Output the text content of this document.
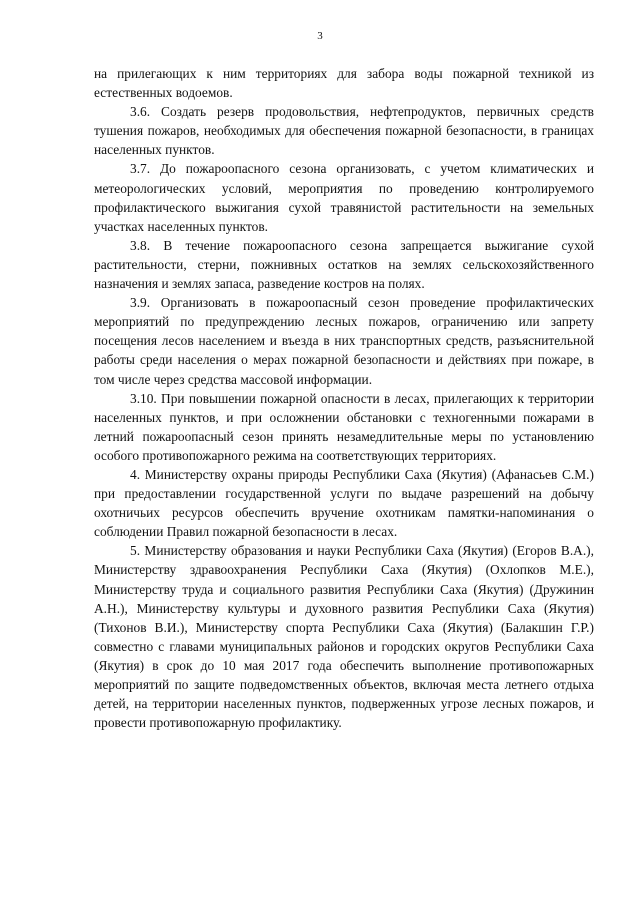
3

на прилегающих к ним территориях для забора воды пожарной техникой из естественных водоемов.

3.6. Создать резерв продовольствия, нефтепродуктов, первичных средств тушения пожаров, необходимых для обеспечения пожарной безопасности, в границах населенных пунктов.

3.7. До пожароопасного сезона организовать, с учетом климатических и метеорологических условий, мероприятия по проведению контролируемого профилактического выжигания сухой травянистой растительности на земельных участках населенных пунктов.

3.8. В течение пожароопасного сезона запрещается выжигание сухой растительности, стерни, пожнивных остатков на землях сельскохозяйственного назначения и землях запаса, разведение костров на полях.

3.9. Организовать в пожароопасный сезон проведение профилактических мероприятий по предупреждению лесных пожаров, ограничению или запрету посещения лесов населением и въезда в них транспортных средств, разъяснительной работы среди населения о мерах пожарной безопасности и действиях при пожаре, в том числе через средства массовой информации.

3.10. При повышении пожарной опасности в лесах, прилегающих к территории населенных пунктов, и при осложнении обстановки с техногенными пожарами в летний пожароопасный сезон принять незамедлительные меры по установлению особого противопожарного режима на соответствующих территориях.

4. Министерству охраны природы Республики Саха (Якутия) (Афанасьев С.М.) при предоставлении государственной услуги по выдаче разрешений на добычу охотничьих ресурсов обеспечить вручение охотникам памятки-напоминания о соблюдении Правил пожарной безопасности в лесах.

5. Министерству образования и науки Республики Саха (Якутия) (Егоров В.А.), Министерству здравоохранения Республики Саха (Якутия) (Охлопков М.Е.), Министерству труда и социального развития Республики Саха (Якутия) (Дружинин А.Н.), Министерству культуры и духовного развития Республики Саха (Якутия) (Тихонов В.И.), Министерству спорта Республики Саха (Якутия) (Балакшин Г.Р.) совместно с главами муниципальных районов и городских округов Республики Саха (Якутия) в срок до 10 мая 2017 года обеспечить выполнение противопожарных мероприятий по защите подведомственных объектов, включая места летнего отдыха детей, на территории населенных пунктов, подверженных угрозе лесных пожаров, и провести противопожарную профилактику.
